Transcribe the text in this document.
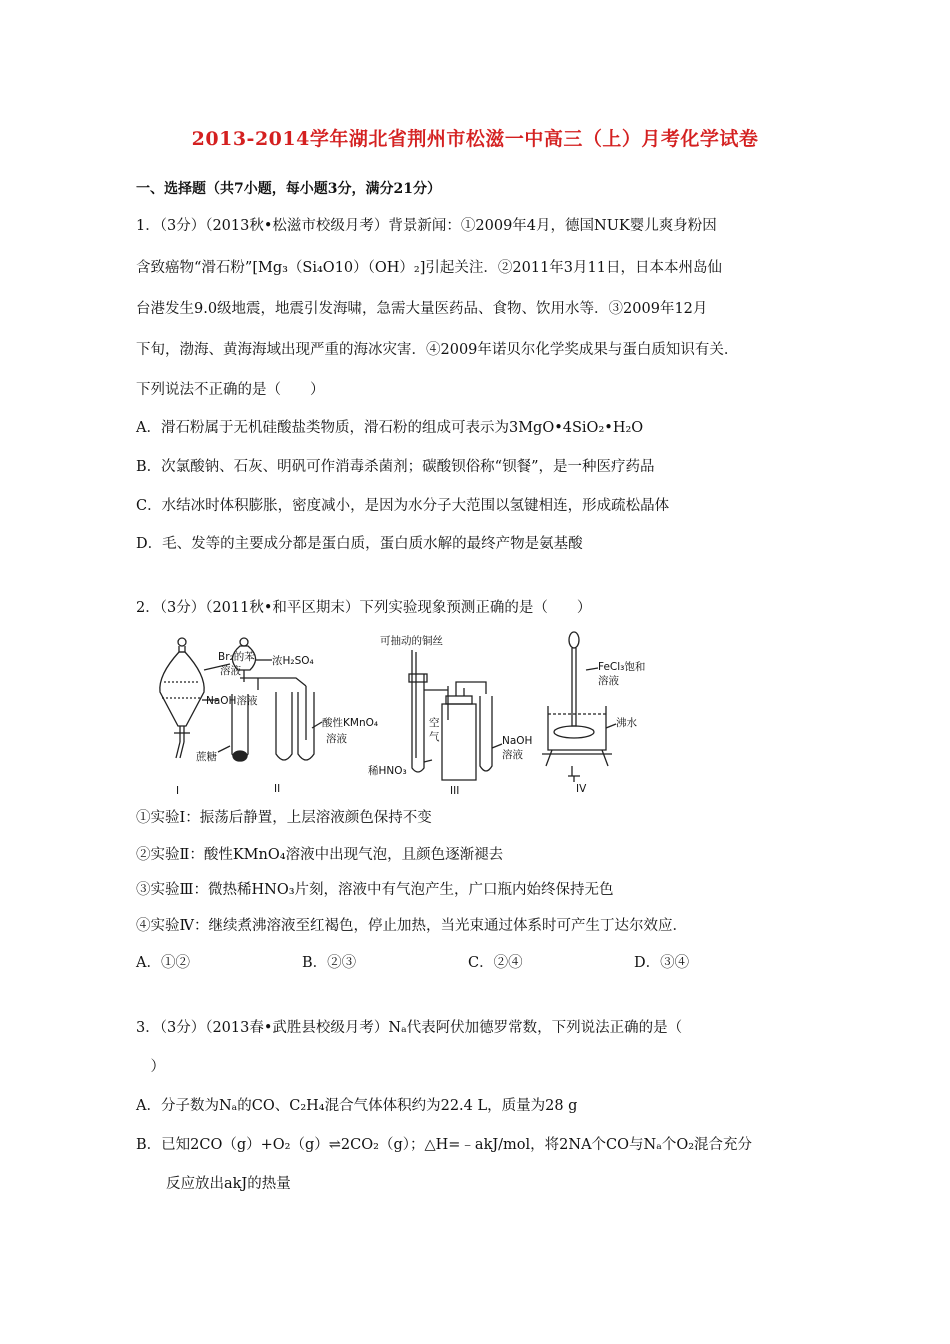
2013-2014学年湖北省荆州市松滋一中高三（上）月考化学试卷
一、选择题（共7小题，每小题3分，满分21分）
1．（3分）（2013秋•松滋市校级月考）背景新闻：①2009年4月，德国NUK婴儿爽身粉因
含致癌物“滑石粉”[Mg₃（Si₄O10）（OH）₂]引起关注．②2011年3月11日，日本本州岛仙
台港发生9.0级地震，地震引发海啸，急需大量医药品、食物、饮用水等．③2009年12月
下旬，渤海、黄海海域出现严重的海冰灾害．④2009年诺贝尔化学奖成果与蛋白质知识有关．
下列说法不正确的是（　　）
A．滑石粉属于无机硅酸盐类物质，滑石粉的组成可表示为3MgO•4SiO₂•H₂O
B．次氯酸钠、石灰、明矾可作消毒杀菌剂；碳酸钡俗称“钡餐”，是一种医疗药品
C．水结冰时体积膨胀，密度减小，是因为水分子大范围以氢键相连，形成疏松晶体
D．毛、发等的主要成分都是蛋白质，蛋白质水解的最终产物是氨基酸
2．（3分）（2011秋•和平区期末）下列实验现象预测正确的是（　　）
Br₂的苯
溶液
NaOH溶液
蔗糖
浓H₂SO₄
酸性KMnO₄
溶液
可抽动的铜丝
空
气
稀HNO₃
NaOH
溶液
FeCl₃饱和
溶液
沸水
I	II	III	IV
①实验Ⅰ：振荡后静置，上层溶液颜色保持不变
②实验Ⅱ：酸性KMnO₄溶液中出现气泡，且颜色逐渐褪去
③实验Ⅲ：微热稀HNO₃片刻，溶液中有气泡产生，广口瓶内始终保持无色
④实验Ⅳ：继续煮沸溶液至红褐色，停止加热，当光束通过体系时可产生丁达尔效应．
A．①②	B．②③	C．②④	D．③④
3．（3分）（2013春•武胜县校级月考）Nₐ代表阿伏加德罗常数，下列说法正确的是（
　）
A．分子数为Nₐ的CO、C₂H₄混合气体体积约为22.4 L，质量为28 g
B．已知2CO（g）+O₂（g）⇌2CO₂（g）；△H=﹣akJ/mol，将2NA个CO与Nₐ个O₂混合充分
反应放出akJ的热量
